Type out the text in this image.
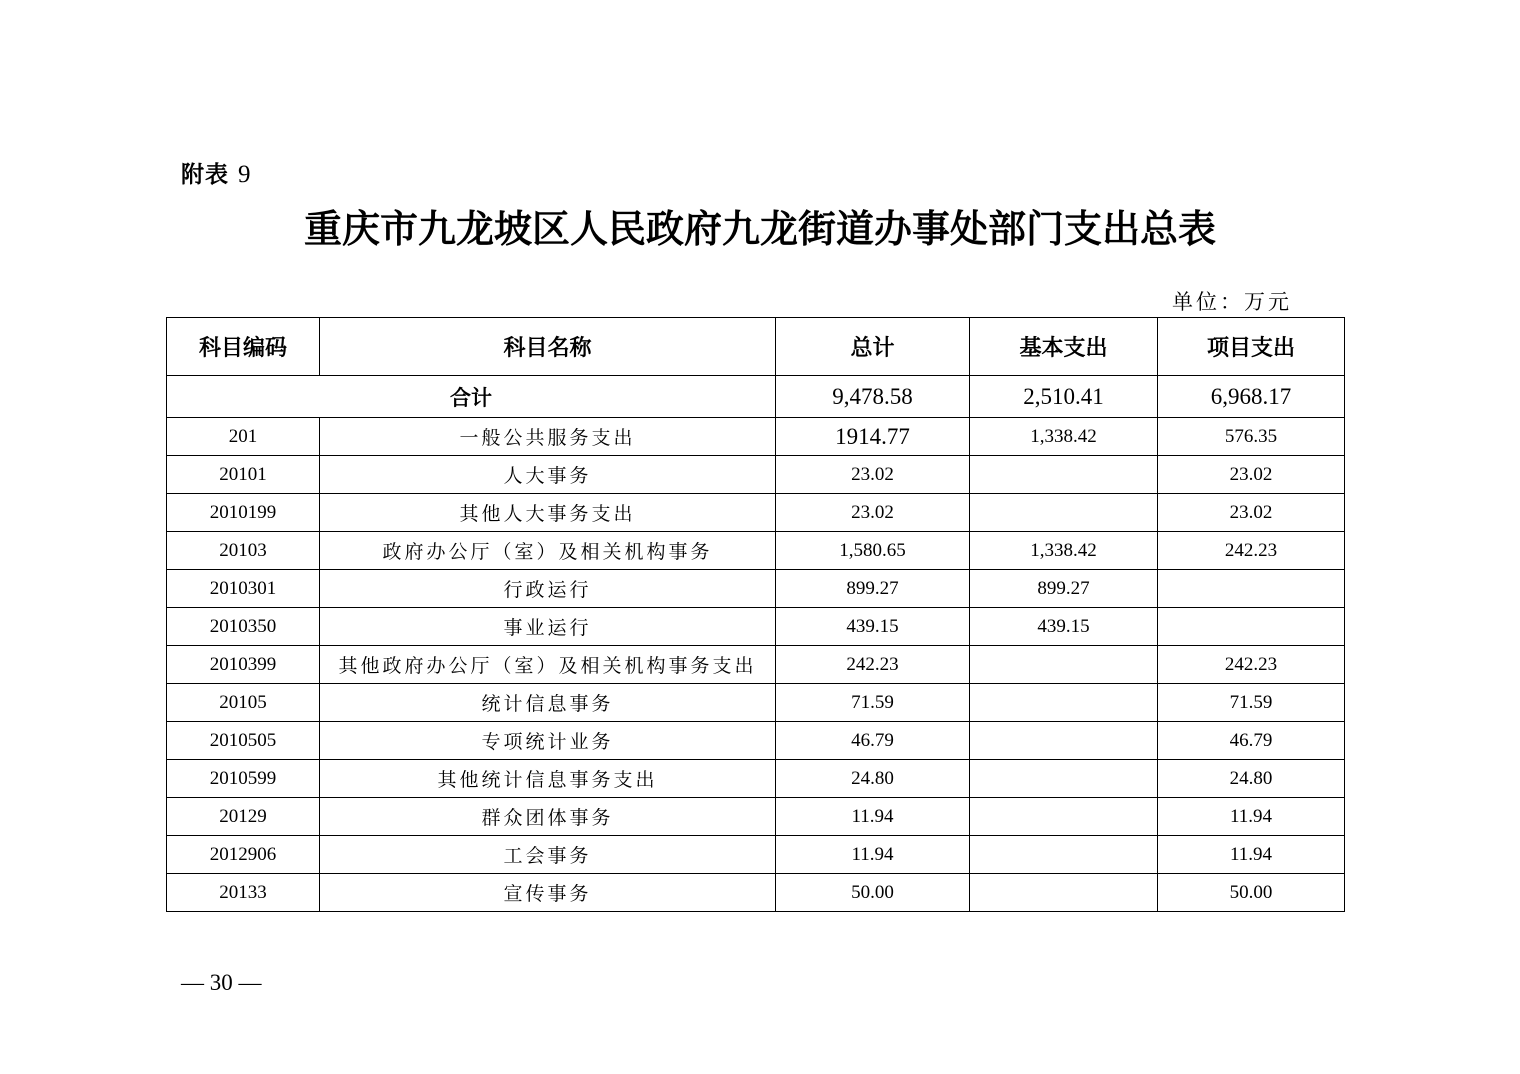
附表 9
重庆市九龙坡区人民政府九龙街道办事处部门支出总表
单位：万元
科目编码	科目名称	总计	基本支出	项目支出
合计		9,478.58	2,510.41	6,968.17
201	一般公共服务支出	1914.77	1,338.42	576.35
20101	人大事务	23.02		23.02
2010199	其他人大事务支出	23.02		23.02
20103	政府办公厅（室）及相关机构事务	1,580.65	1,338.42	242.23
2010301	行政运行	899.27	899.27	
2010350	事业运行	439.15	439.15	
2010399	其他政府办公厅（室）及相关机构事务支出	242.23		242.23
20105	统计信息事务	71.59		71.59
2010505	专项统计业务	46.79		46.79
2010599	其他统计信息事务支出	24.80		24.80
20129	群众团体事务	11.94		11.94
2012906	工会事务	11.94		11.94
20133	宣传事务	50.00		50.00
— 30 —
